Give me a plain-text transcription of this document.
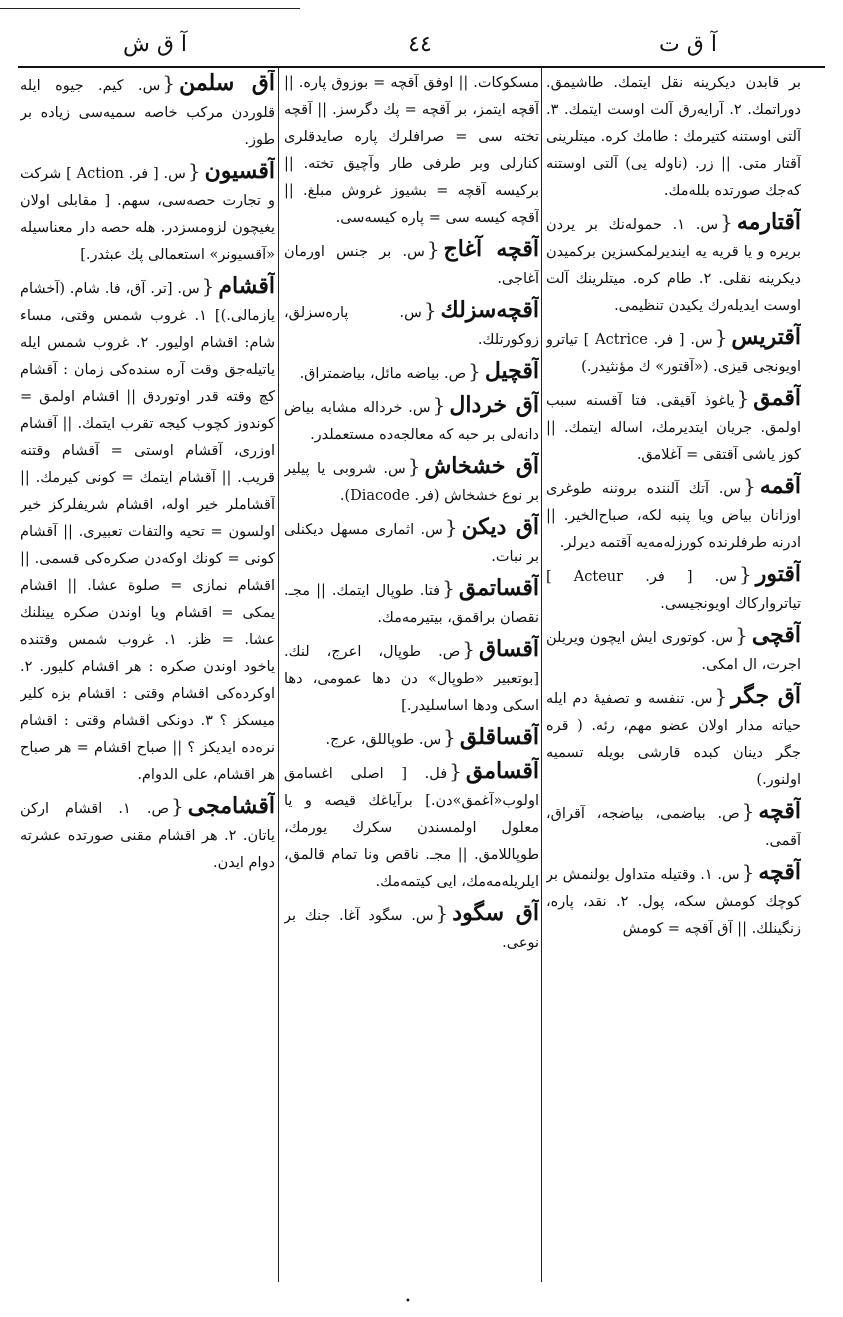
آ ق ت
٤٤
آ ق ش

بر قابدن دیکرینه نقل ایتمك. طاشیمق. دوراتمك. ٢. آرایه‌رق آلت اوست ایتمك. ٣. آلتی اوستنه کتیرمك : طامك کره. میتلرینی آقتار متی. || زر. (ناوله‌ یی) آلتی اوستنه که‌جك صورتده بللەمك.

آقتارمه{س. ١. حمولەنك بر یردن بریره و یا قریه‌ یه ایندیرلمکسزین برکمیدن دیکرینه نقلی. ٢. طام کره. میتلرینك آلت اوست ایدیله‌رك یکیدن تنظیمی.

آقتریس{س. [ فر. Actrice ] تیاترو اویونجی قیزی. («آقتور» ك مؤنثیدر.)

آقمق{یاغوذ آقیقی. فتا آقسنه سبب اولمق. جریان ایتدیرمك، اساله ایتمك. || کوز یاشی آقتقی = آغلامق.

آقمه{س. آتك آلننده بروننه طوغری اوزانان بیاض ویا پنبه لکه، صباح‌الخیر. || ادرنه طرفلرنده کورزلەمەیه آقتمه‌ دیرلر.

آقتور{س. [ فر. Acteur ] تیاترواركاك اویونجیسی.

آقچی{س. کوتوری ایش ایچون ویریلن اجرت، ال امکی.

آق جگر{س. تنفسه و تصفیهٔ دم ایله حیاته مدار اولان عضو مهم، رئه. ( قره جگر دینان کبده قارشی بویله تسمیه اولنور.)

آقچه{ص. بیاضمی، بیاضجه، آقراق، آقمی.

آقچه{س. ١. وقتیله متداول بولنمش بر کوچك کومش سکه، پول. ٢. نقد، پاره، زنگینلك. || آق آقچه = کومش

مسکوکات. || اوفق آقچه = بوزوق پاره. || آقچه ایتمز، بر آقچه = پك دگرسز. || آقچه تخته سی = صرافلرك پاره صایدقلری کنارلی وبر طرفی طار وآچیق تخته. || برکیسه آقچه = بشیوز غروش مبلغ. || آقچه کیسه سی = پاره کیسه‌سی.

آقچه آغاج{س. بر جنس اورمان آغاجی.

آقچه‌سزلك{س. پاره‌سزلق، زوکورتلك.

آقچیل{ص. بیاضه مائل، بیاضمتراق.

آق خردال{س. خردالە مشابه بیاض دانەلی بر حبه که معالجەده مستعملدر.

آق خشخاش{س. شروبی یا پیلیر بر نوع خشخاش (فر. Diacode).

آق دیکن{س. اثماری مسهل دیکنلی بر نبات.

آقساتمق{فتا. طوپال ایتمك. || مجـ. نقصان براقمق، بیتیرمەمك.

آقساق{ص. طوپال، اعرج، لنك. [بوتعبیر «طوپال» دن دها عمومی، دها اسکی ودها اساسلیدر.]

آقساقلق{س. طوپاللق، عرج.

آقسامق{فل. [ اصلی اغسامق اولوب«آغمق»دن.] برآیاغك قیصه و یا معلول اولمسندن سکرك یورمك، طوپاللامق. || مجـ. ناقص ونا تمام قالمق، ایلریله‌مه‌مك، ایی کیتمەمك.

آق سگود{س. سگود آغا. جنك بر نوعی.

آق سلمن{س. کیم. جیوه ایله قلوردن مرکب خاصه سمیەسی زیاده بر طوز.

آقسیون{س. [ فر. Action ] شرکت و تجارت حصەسی، سهم. [ مقابلی اولان یغیچون لزومسزدر. هله حصه دار معناسیله «آقسیونر» استعمالی پك عبثدر.]

آقشام{س. [تر. آق، فا. شام. (آخشام یازمالی.)] ١. غروب شمس وقتی، مساء شام: اقشام اولیور. ٢. غروب شمس ایله یاتیلەجق وقت آره سندەكی زمان : آقشام کچ وقته قدر اوتوردق || اقشام اولمق = کوندوز کچوب کیجه تقرب ایتمك. || آقشام اوزری، آقشام اوستی = آقشام وقتنه قریب. || آقشام ایتمك = کونی کیرمك. || آقشاملر خیر اوله، اقشام شریفلرکز خیر اولسون = تحیه والتفات تعبیری. || آقشام کونی = کونك اوکەدن صکرەكی قسمی. || اقشام نمازی = صلوة عشا. || اقشام یمکی = اقشام ویا اوندن صکره یینلنك عشا. = ظز. ١. غروب شمس وقتنده یاخود اوندن صکره : هر اقشام کلیور. ٢. اوکرده‌کی اقشام وقتی : اقشام بزه کلیر میسکز ؟ ٣. دونکی اقشام وقتی : اقشام نرەده ایدیکز ؟ || صباح اقشام = هر صباح هر اقشام، علی الدوام.

آقشامجی{ص. ١. اقشام ارکن یاتان. ٢. هر اقشام مقنی صورتده عشرته دوام ایدن.

•
